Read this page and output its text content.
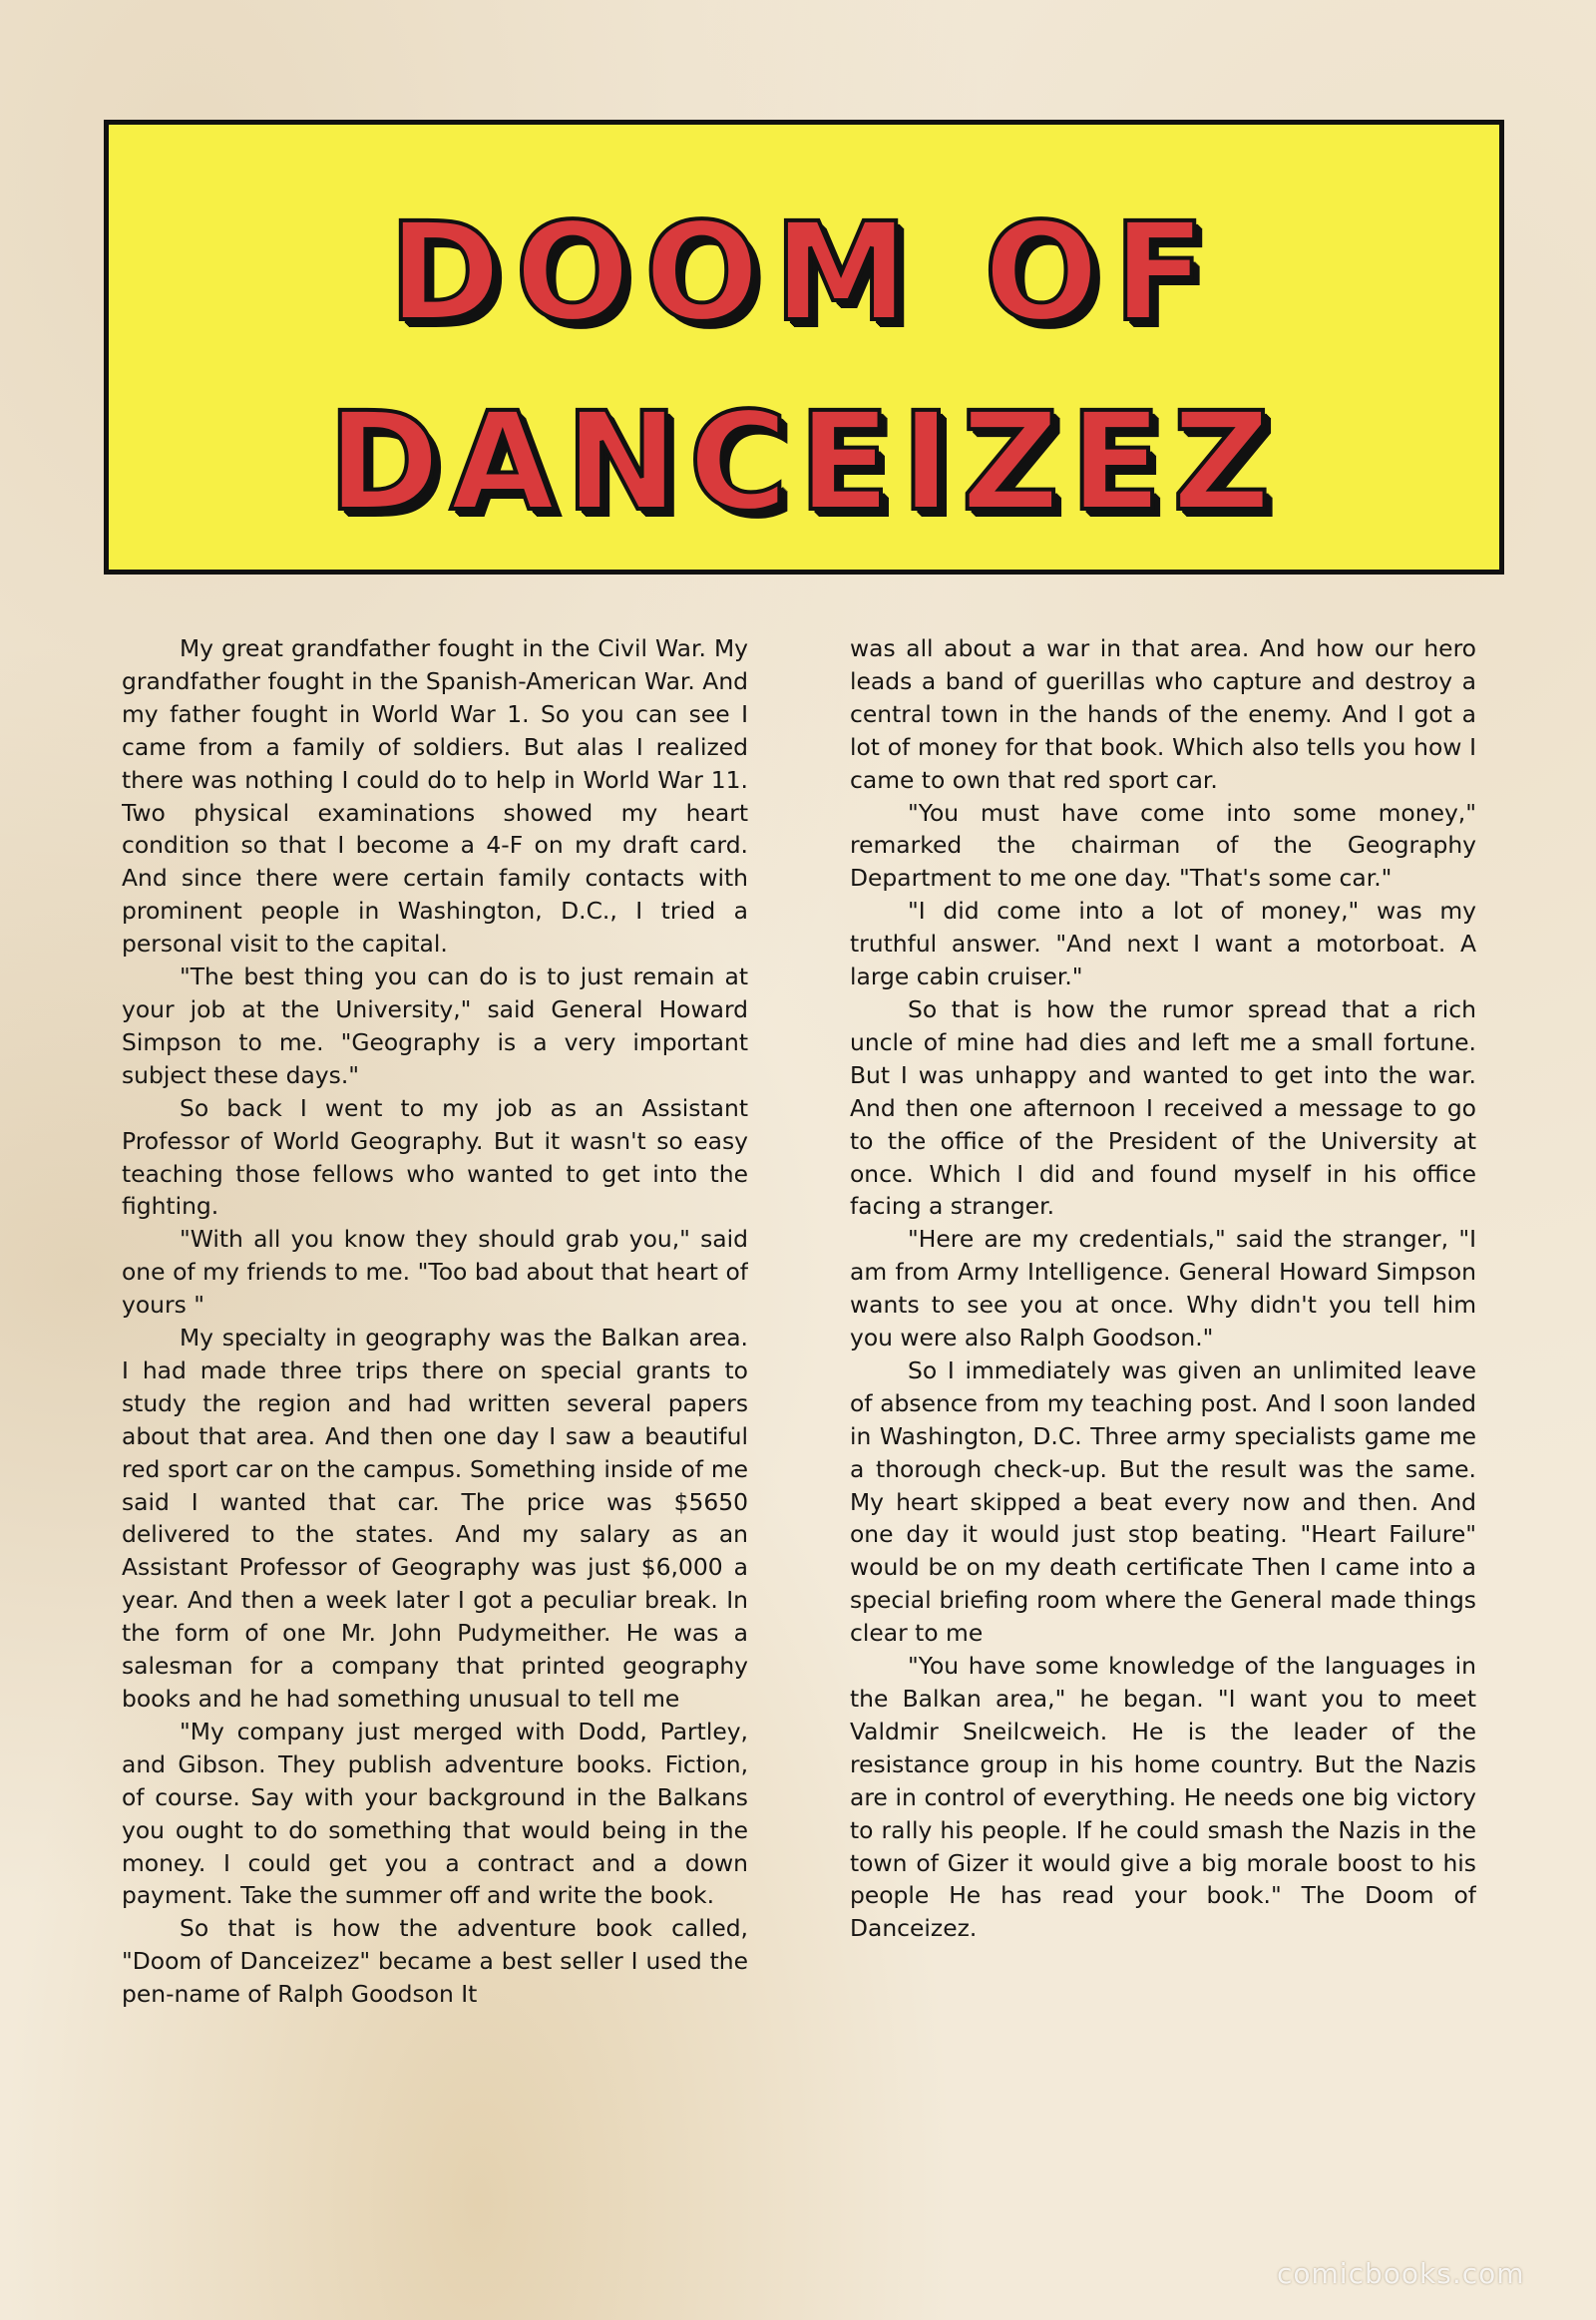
DOOM OF
DANCEIZEZ

My great grandfather fought in the Civil War. My grandfather fought in the Spanish-American War. And my father fought in World War 1. So you can see I came from a family of soldiers. But alas I realized there was nothing I could do to help in World War 11. Two physical examinations showed my heart condition so that I become a 4-F on my draft card. And since there were certain family contacts with prominent people in Washington, D.C., I tried a personal visit to the capital.

"The best thing you can do is to just remain at your job at the University," said General Howard Simpson to me. "Geography is a very important subject these days."

So back I went to my job as an Assistant Professor of World Geography. But it wasn't so easy teaching those fellows who wanted to get into the fighting.

"With all you know they should grab you," said one of my friends to me. "Too bad about that heart of yours "

My specialty in geography was the Balkan area. I had made three trips there on special grants to study the region and had written several papers about that area. And then one day I saw a beautiful red sport car on the campus. Something inside of me said I wanted that car. The price was $5650 delivered to the states. And my salary as an Assistant Professor of Geography was just $6,000 a year. And then a week later I got a peculiar break. In the form of one Mr. John Pudymeither. He was a salesman for a company that printed geography books and he had something unusual to tell me

"My company just merged with Dodd, Partley, and Gibson. They publish adventure books. Fiction, of course. Say with your background in the Balkans you ought to do something that would being in the money. I could get you a contract and a down payment. Take the summer off and write the book.

So that is how the adventure book called, "Doom of Danceizez" became a best seller I used the pen-name of Ralph Goodson It

was all about a war in that area. And how our hero leads a band of guerillas who capture and destroy a central town in the hands of the enemy. And I got a lot of money for that book. Which also tells you how I came to own that red sport car.

"You must have come into some money," remarked the chairman of the Geography Department to me one day. "That's some car."

"I did come into a lot of money," was my truthful answer. "And next I want a motorboat. A large cabin cruiser."

So that is how the rumor spread that a rich uncle of mine had dies and left me a small fortune. But I was unhappy and wanted to get into the war. And then one afternoon I received a message to go to the office of the President of the University at once. Which I did and found myself in his office facing a stranger.

"Here are my credentials," said the stranger, "I am from Army Intelligence. General Howard Simpson wants to see you at once. Why didn't you tell him you were also Ralph Goodson."

So I immediately was given an unlimited leave of absence from my teaching post. And I soon landed in Washington, D.C. Three army specialists game me a thorough check-up. But the result was the same. My heart skipped a beat every now and then. And one day it would just stop beating. "Heart Failure" would be on my death certificate Then I came into a special briefing room where the General made things clear to me

"You have some knowledge of the languages in the Balkan area," he began. "I want you to meet Valdmir Sneilcweich. He is the leader of the resistance group in his home country. But the Nazis are in control of everything. He needs one big victory to rally his people. If he could smash the Nazis in the town of Gizer it would give a big morale boost to his people He has read your book." The Doom of Danceizez.

comicbooks.com
